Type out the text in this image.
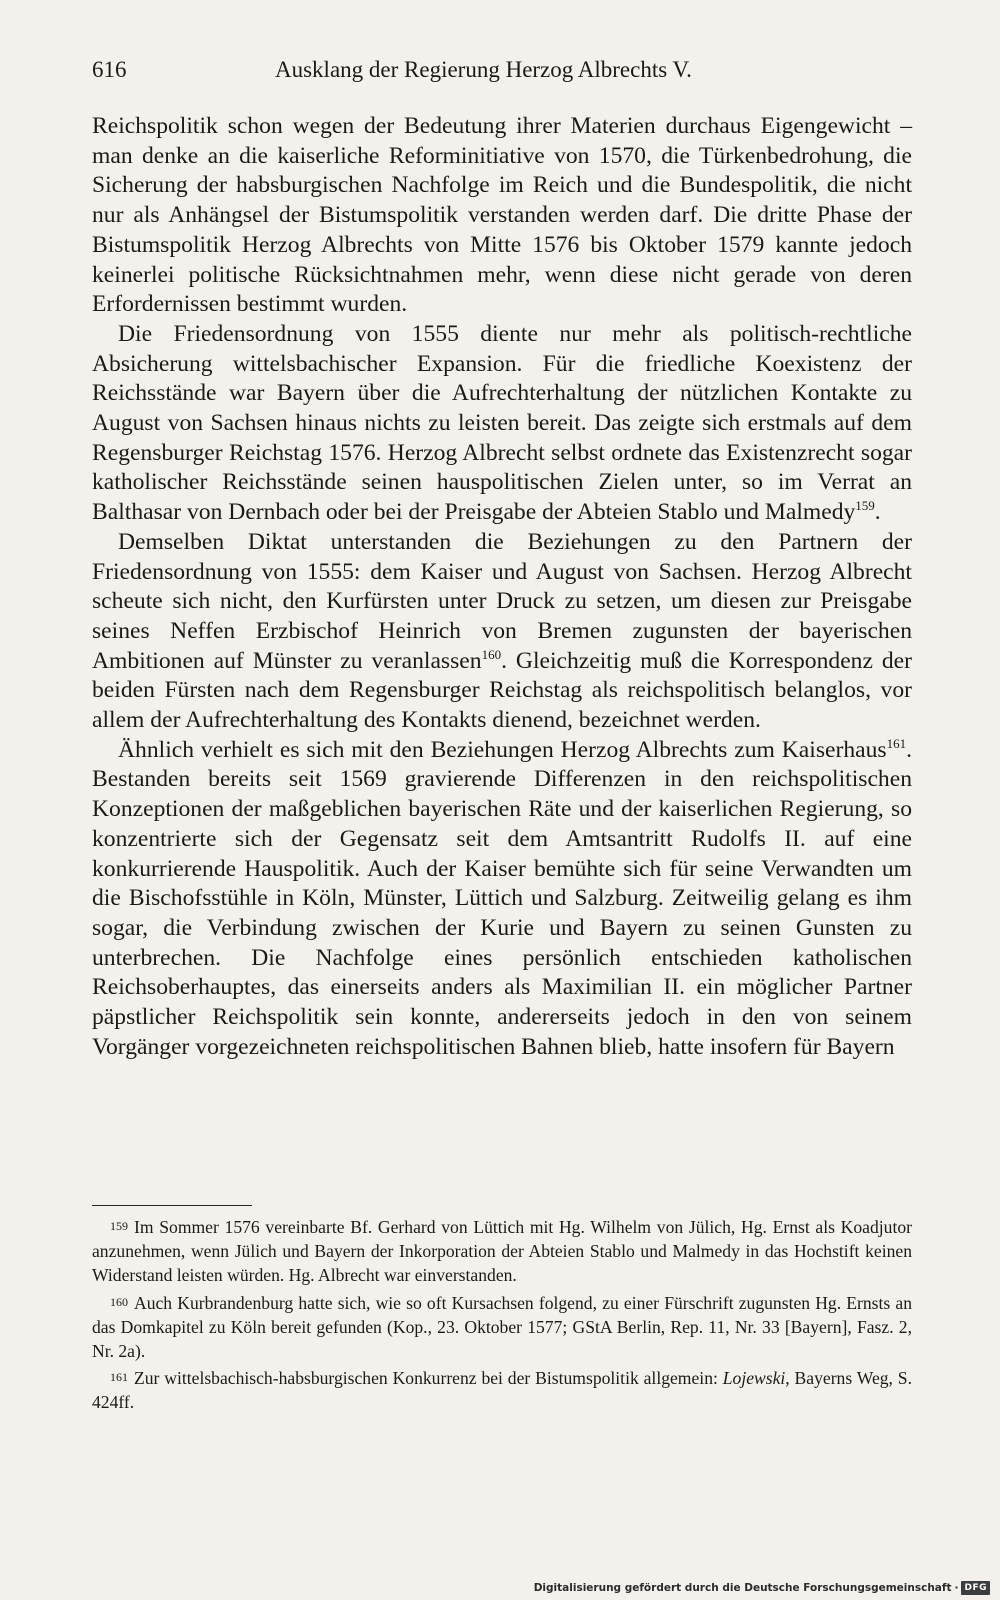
616	Ausklang der Regierung Herzog Albrechts V.

Reichspolitik schon wegen der Bedeutung ihrer Materien durchaus Eigengewicht – man denke an die kaiserliche Reforminitiative von 1570, die Türkenbedrohung, die Sicherung der habsburgischen Nachfolge im Reich und die Bundespolitik, die nicht nur als Anhängsel der Bistumspolitik verstanden werden darf. Die dritte Phase der Bistumspolitik Herzog Albrechts von Mitte 1576 bis Oktober 1579 kannte jedoch keinerlei politische Rücksichtnahmen mehr, wenn diese nicht gerade von deren Erfordernissen bestimmt wurden.

Die Friedensordnung von 1555 diente nur mehr als politisch-rechtliche Absicherung wittelsbachischer Expansion. Für die friedliche Koexistenz der Reichsstände war Bayern über die Aufrechterhaltung der nützlichen Kontakte zu August von Sachsen hinaus nichts zu leisten bereit. Das zeigte sich erstmals auf dem Regensburger Reichstag 1576. Herzog Albrecht selbst ordnete das Existenzrecht sogar katholischer Reichsstände seinen hauspolitischen Zielen unter, so im Verrat an Balthasar von Dernbach oder bei der Preisgabe der Abteien Stablo und Malmedy$^{159}$.

Demselben Diktat unterstanden die Beziehungen zu den Partnern der Friedensordnung von 1555: dem Kaiser und August von Sachsen. Herzog Albrecht scheute sich nicht, den Kurfürsten unter Druck zu setzen, um diesen zur Preisgabe seines Neffen Erzbischof Heinrich von Bremen zugunsten der bayerischen Ambitionen auf Münster zu veranlassen$^{160}$. Gleichzeitig muß die Korrespondenz der beiden Fürsten nach dem Regensburger Reichstag als reichspolitisch belanglos, vor allem der Aufrechterhaltung des Kontakts dienend, bezeichnet werden.

Ähnlich verhielt es sich mit den Beziehungen Herzog Albrechts zum Kaiserhaus$^{161}$. Bestanden bereits seit 1569 gravierende Differenzen in den reichspolitischen Konzeptionen der maßgeblichen bayerischen Räte und der kaiserlichen Regierung, so konzentrierte sich der Gegensatz seit dem Amtsantritt Rudolfs II. auf eine konkurrierende Hauspolitik. Auch der Kaiser bemühte sich für seine Verwandten um die Bischofsstühle in Köln, Münster, Lüttich und Salzburg. Zeitweilig gelang es ihm sogar, die Verbindung zwischen der Kurie und Bayern zu seinen Gunsten zu unterbrechen. Die Nachfolge eines persönlich entschieden katholischen Reichsoberhauptes, das einerseits anders als Maximilian II. ein möglicher Partner päpstlicher Reichspolitik sein konnte, andererseits jedoch in den von seinem Vorgänger vorgezeichneten reichspolitischen Bahnen blieb, hatte insofern für Bayern

159 Im Sommer 1576 vereinbarte Bf. Gerhard von Lüttich mit Hg. Wilhelm von Jülich, Hg. Ernst als Koadjutor anzunehmen, wenn Jülich und Bayern der Inkorporation der Abteien Stablo und Malmedy in das Hochstift keinen Widerstand leisten würden. Hg. Albrecht war einverstanden.

160 Auch Kurbrandenburg hatte sich, wie so oft Kursachsen folgend, zu einer Fürschrift zugunsten Hg. Ernsts an das Domkapitel zu Köln bereit gefunden (Kop., 23. Oktober 1577; GStA Berlin, Rep. 11, Nr. 33 [Bayern], Fasz. 2, Nr. 2a).

161 Zur wittelsbachisch-habsburgischen Konkurrenz bei der Bistumspolitik allgemein: Lojewski, Bayerns Weg, S. 424ff.

Digitalisierung gefördert durch die Deutsche Forschungsgemeinschaft · DFG
